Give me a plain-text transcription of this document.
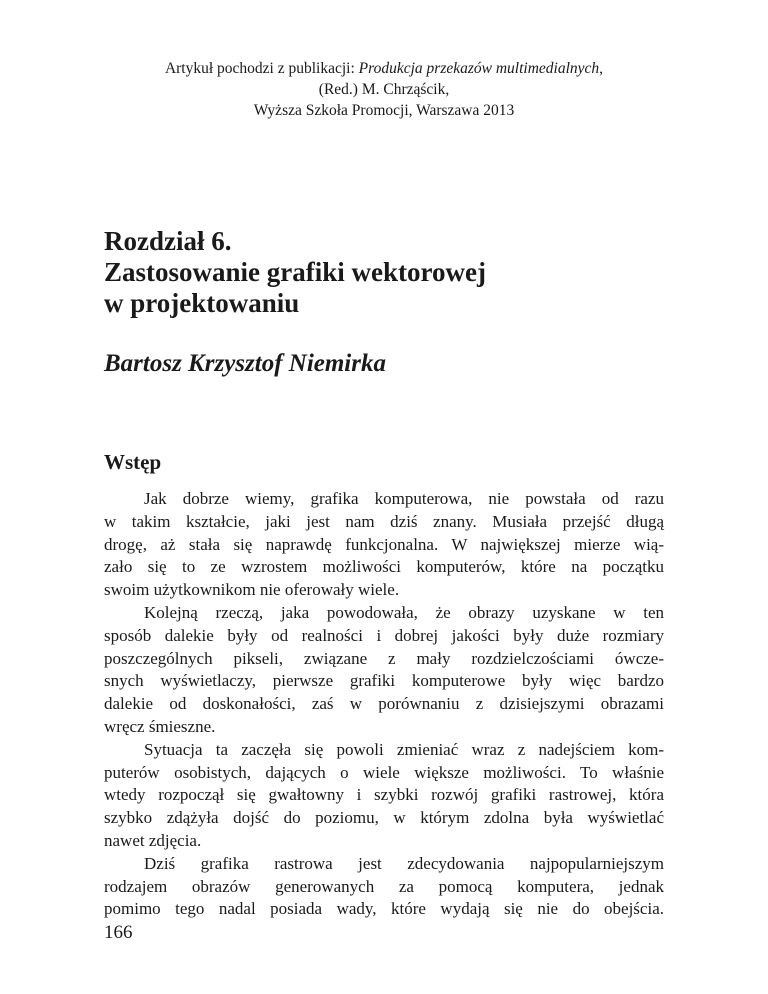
Artykuł pochodzi z publikacji: Produkcja przekazów multimedialnych,
(Red.) M. Chrząścik,
Wyższa Szkoła Promocji, Warszawa 2013
Rozdział 6.
Zastosowanie grafiki wektorowej
w projektowaniu
Bartosz Krzysztof Niemirka
Wstęp

Jak dobrze wiemy, grafika komputerowa, nie powstała od razu
w takim kształcie, jaki jest nam dziś znany. Musiała przejść długą
drogę, aż stała się naprawdę funkcjonalna. W największej mierze wią-
zało się to ze wzrostem możliwości komputerów, które na początku
swoim użytkownikom nie oferowały wiele.

Kolejną rzeczą, jaka powodowała, że obrazy uzyskane w ten
sposób dalekie były od realności i dobrej jakości były duże rozmiary
poszczególnych pikseli, związane z mały rozdzielczościami ówcze-
snych wyświetlaczy, pierwsze grafiki komputerowe były więc bardzo
dalekie od doskonałości, zaś w porównaniu z dzisiejszymi obrazami
wręcz śmieszne.

Sytuacja ta zaczęła się powoli zmieniać wraz z nadejściem kom-
puterów osobistych, dających o wiele większe możliwości. To właśnie
wtedy rozpoczął się gwałtowny i szybki rozwój grafiki rastrowej, która
szybko zdążyła dojść do poziomu, w którym zdolna była wyświetlać
nawet zdjęcia.

Dziś grafika rastrowa jest zdecydowania najpopularniejszym
rodzajem obrazów generowanych za pomocą komputera, jednak
pomimo tego nadal posiada wady, które wydają się nie do obejścia.

166
